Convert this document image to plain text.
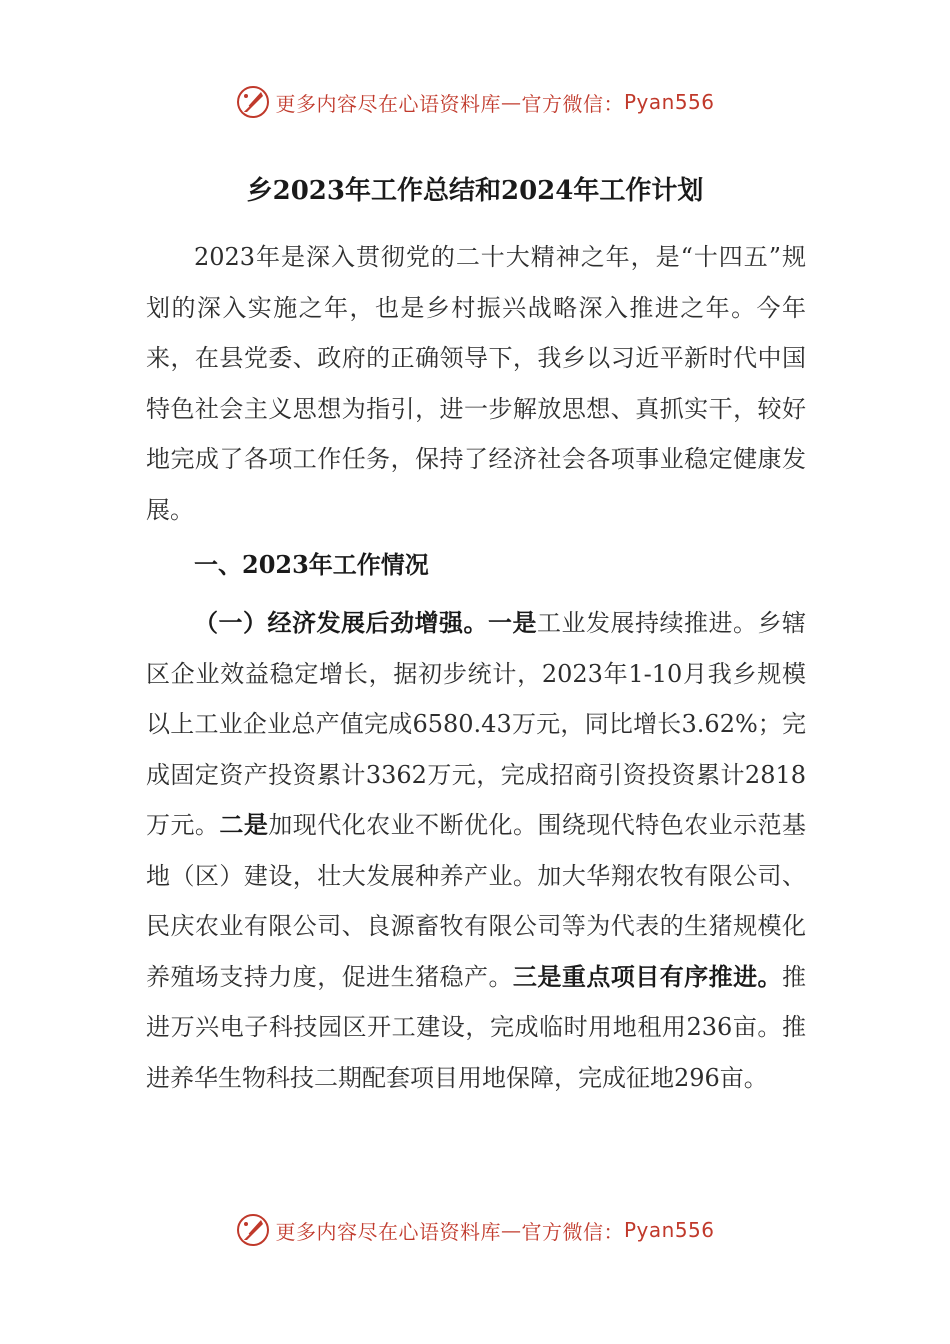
更多内容尽在心语资料库 — 官方微信： Pyan556
乡2023年工作总结和2024年工作计划

2023年是深入贯彻党的二十大精神之年，是“十四五”规划的深入实施之年，也是乡村振兴战略深入推进之年。今年来，在县党委、政府的正确领导下，我乡以习近平新时代中国特色社会主义思想为指引，进一步解放思想、真抓实干，较好地完成了各项工作任务，保持了经济社会各项事业稳定健康发展。

一、2023年工作情况

（一）经济发展后劲增强。一是工业发展持续推进。乡辖区企业效益稳定增长，据初步统计，2023年1-10月我乡规模以上工业企业总产值完成6580.43万元，同比增长3.62%；完成固定资产投资累计3362万元，完成招商引资投资累计2818万元。二是加现代化农业不断优化。围绕现代特色农业示范基地（区）建设，壮大发展种养产业。加大华翔农牧有限公司、民庆农业有限公司、良源畜牧有限公司等为代表的生猪规模化养殖场支持力度，促进生猪稳产。三是重点项目有序推进。推进万兴电子科技园区开工建设，完成临时用地租用236亩。推进养华生物科技二期配套项目用地保障，完成征地296亩。

更多内容尽在心语资料库 — 官方微信： Pyan556
